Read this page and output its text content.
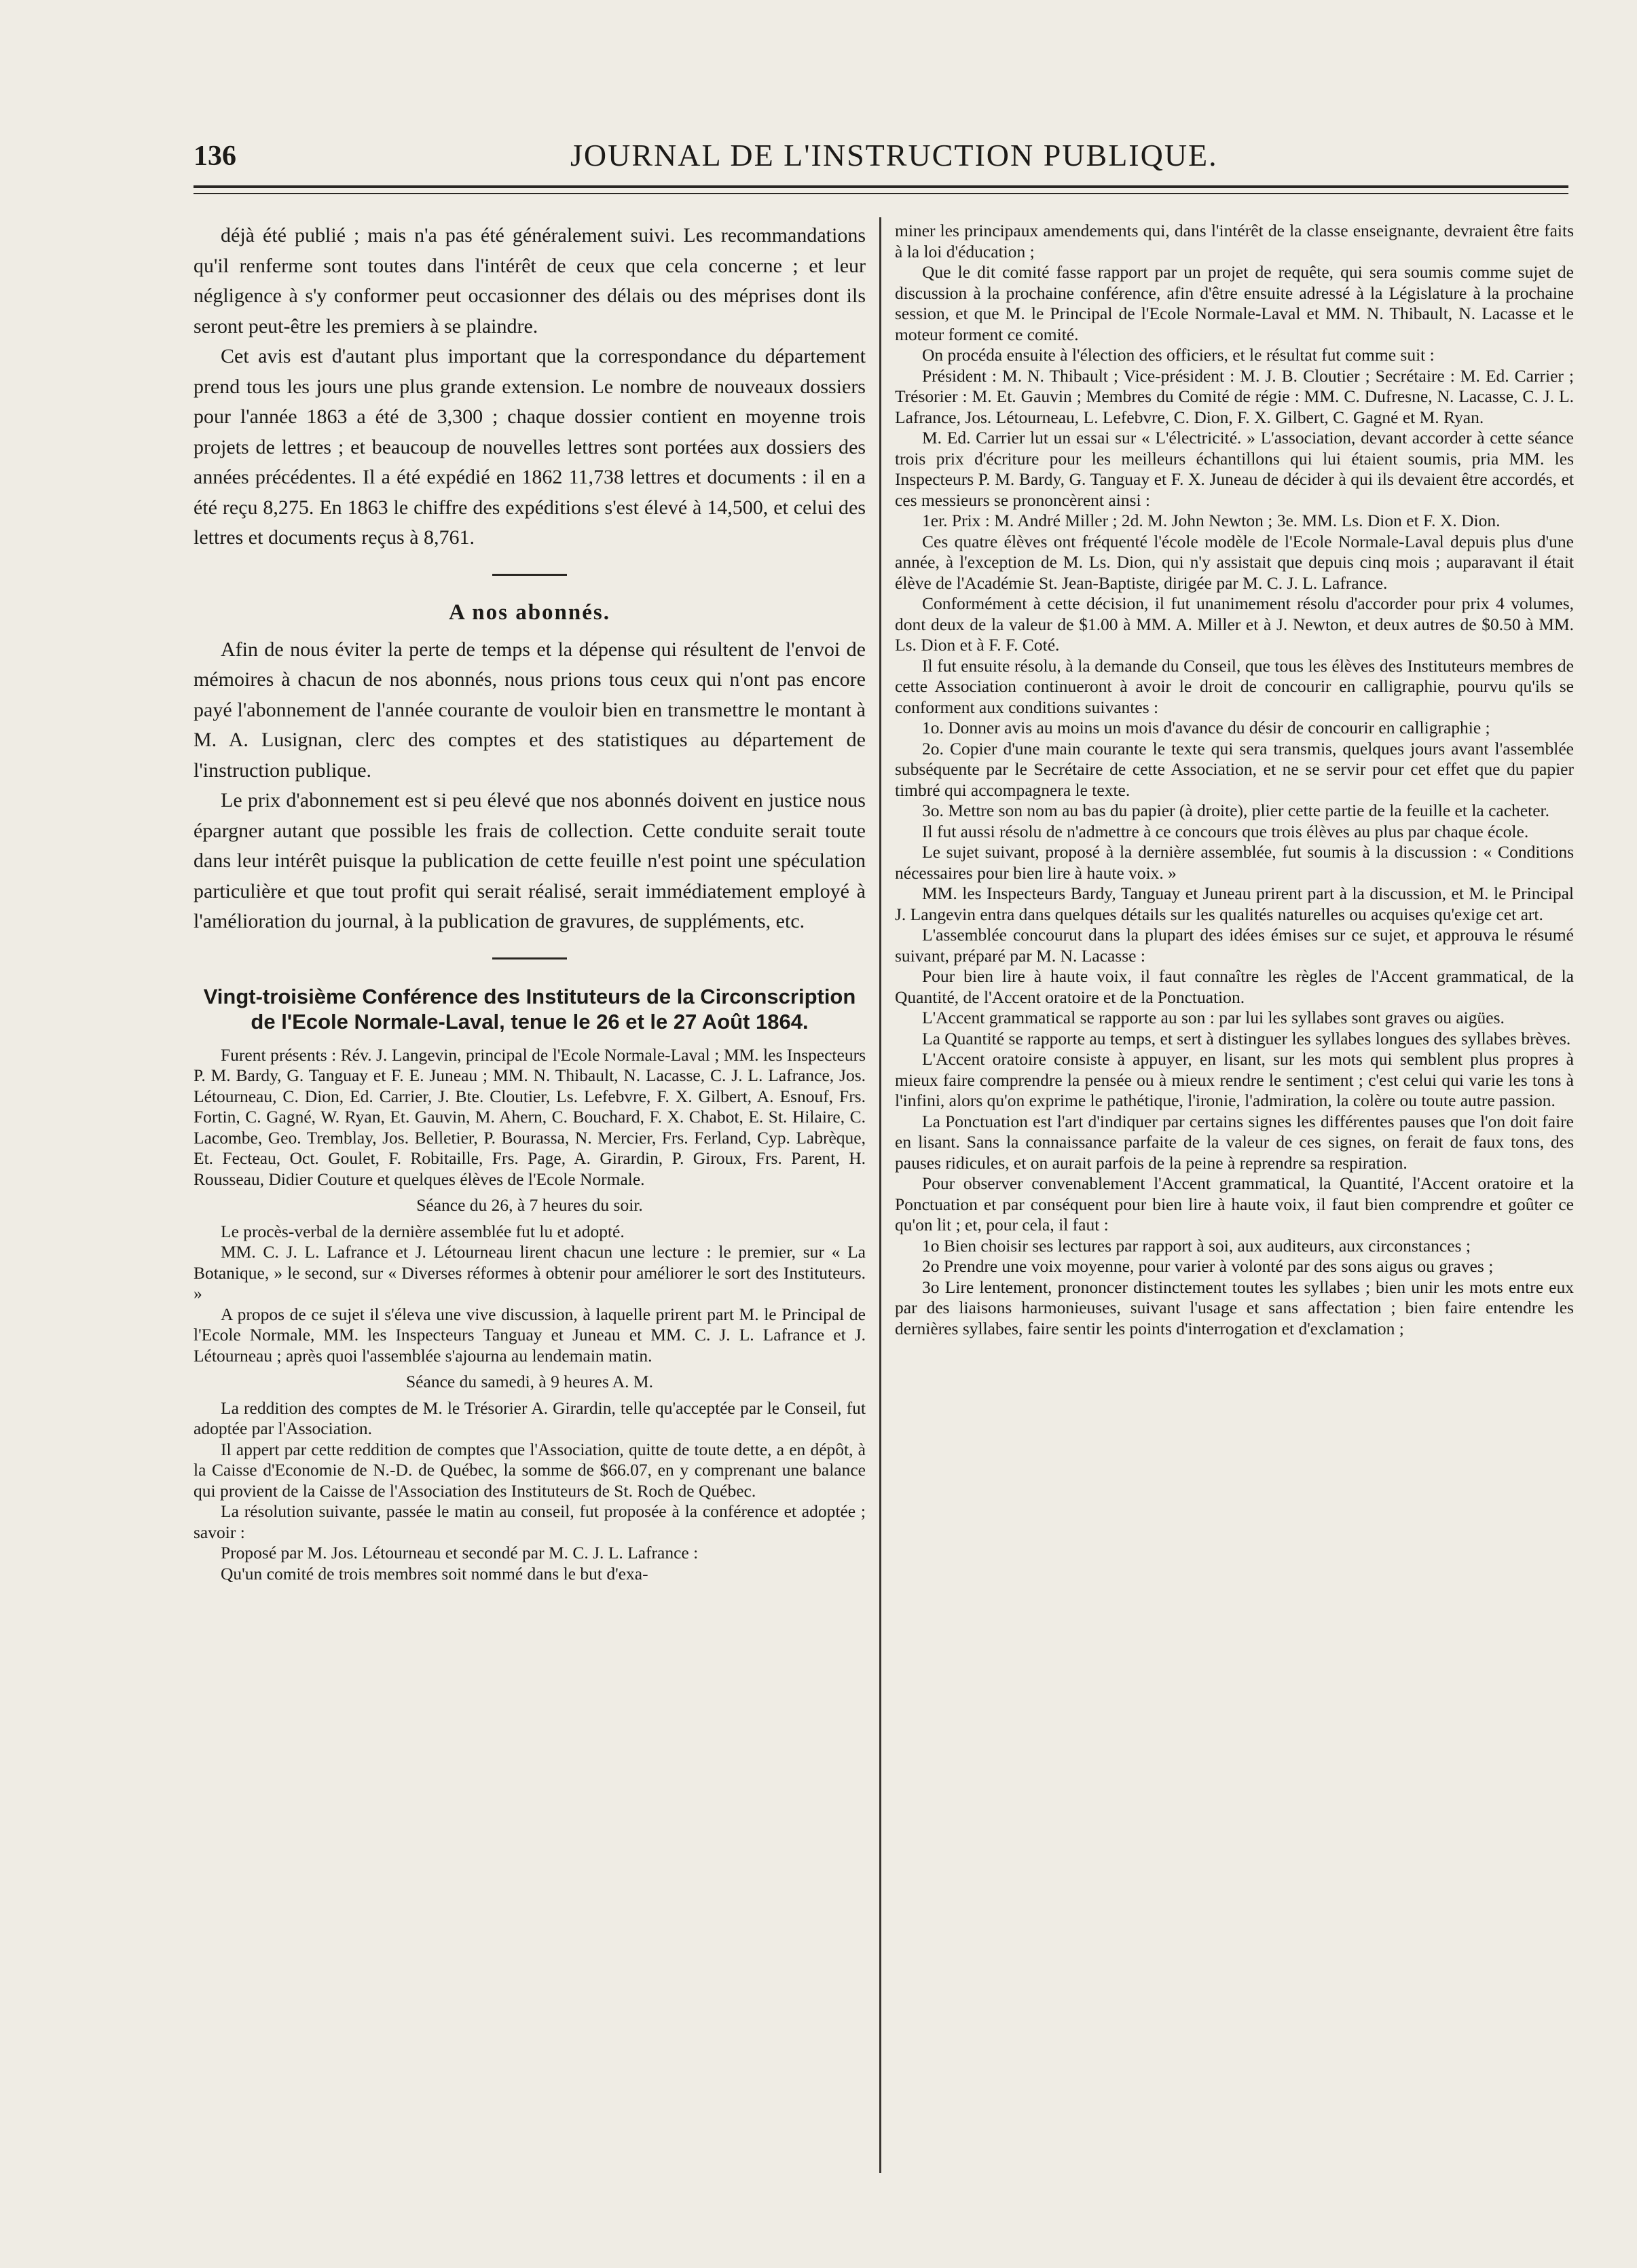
136	JOURNAL DE L'INSTRUCTION PUBLIQUE.

déjà été publié ; mais n'a pas été généralement suivi. Les recommandations qu'il renferme sont toutes dans l'intérêt de ceux que cela concerne ; et leur négligence à s'y conformer peut occasionner des délais ou des méprises dont ils seront peut-être les premiers à se plaindre.

Cet avis est d'autant plus important que la correspondance du département prend tous les jours une plus grande extension. Le nombre de nouveaux dossiers pour l'année 1863 a été de 3,300 ; chaque dossier contient en moyenne trois projets de lettres ; et beaucoup de nouvelles lettres sont portées aux dossiers des années précédentes. Il a été expédié en 1862 11,738 lettres et documents : il en a été reçu 8,275. En 1863 le chiffre des expéditions s'est élevé à 14,500, et celui des lettres et documents reçus à 8,761.

A nos abonnés.

Afin de nous éviter la perte de temps et la dépense qui résultent de l'envoi de mémoires à chacun de nos abonnés, nous prions tous ceux qui n'ont pas encore payé l'abonnement de l'année courante de vouloir bien en transmettre le montant à M. A. Lusignan, clerc des comptes et des statistiques au département de l'instruction publique.

Le prix d'abonnement est si peu élevé que nos abonnés doivent en justice nous épargner autant que possible les frais de collection. Cette conduite serait toute dans leur intérêt puisque la publication de cette feuille n'est point une spéculation particulière et que tout profit qui serait réalisé, serait immédiatement employé à l'amélioration du journal, à la publication de gravures, de suppléments, etc.

Vingt-troisième Conférence des Instituteurs de la Circonscription de l'Ecole Normale-Laval, tenue le 26 et le 27 Août 1864.

Furent présents : Rév. J. Langevin, principal de l'Ecole Normale-Laval ; MM. les Inspecteurs P. M. Bardy, G. Tanguay et F. E. Juneau ; MM. N. Thibault, N. Lacasse, C. J. L. Lafrance, Jos. Létourneau, C. Dion, Ed. Carrier, J. Bte. Cloutier, Ls. Lefebvre, F. X. Gilbert, A. Esnouf, Frs. Fortin, C. Gagné, W. Ryan, Et. Gauvin, M. Ahern, C. Bouchard, F. X. Chabot, E. St. Hilaire, C. Lacombe, Geo. Tremblay, Jos. Belletier, P. Bourassa, N. Mercier, Frs. Ferland, Cyp. Labrèque, Et. Fecteau, Oct. Goulet, F. Robitaille, Frs. Page, A. Girardin, P. Giroux, Frs. Parent, H. Rousseau, Didier Couture et quelques élèves de l'Ecole Normale.

Séance du 26, à 7 heures du soir.

Le procès-verbal de la dernière assemblée fut lu et adopté.

MM. C. J. L. Lafrance et J. Létourneau lirent chacun une lecture : le premier, sur « La Botanique, » le second, sur « Diverses réformes à obtenir pour améliorer le sort des Instituteurs. »

A propos de ce sujet il s'éleva une vive discussion, à laquelle prirent part M. le Principal de l'Ecole Normale, MM. les Inspecteurs Tanguay et Juneau et MM. C. J. L. Lafrance et J. Létourneau ; après quoi l'assemblée s'ajourna au lendemain matin.

Séance du samedi, à 9 heures A. M.

La reddition des comptes de M. le Trésorier A. Girardin, telle qu'acceptée par le Conseil, fut adoptée par l'Association.

Il appert par cette reddition de comptes que l'Association, quitte de toute dette, a en dépôt, à la Caisse d'Economie de N.-D. de Québec, la somme de $66.07, en y comprenant une balance qui provient de la Caisse de l'Association des Instituteurs de St. Roch de Québec.

La résolution suivante, passée le matin au conseil, fut proposée à la conférence et adoptée ; savoir :

Proposé par M. Jos. Létourneau et secondé par M. C. J. L. Lafrance :

Qu'un comité de trois membres soit nommé dans le but d'exa-

miner les principaux amendements qui, dans l'intérêt de la classe enseignante, devraient être faits à la loi d'éducation ;

Que le dit comité fasse rapport par un projet de requête, qui sera soumis comme sujet de discussion à la prochaine conférence, afin d'être ensuite adressé à la Législature à la prochaine session, et que M. le Principal de l'Ecole Normale-Laval et MM. N. Thibault, N. Lacasse et le moteur forment ce comité.

On procéda ensuite à l'élection des officiers, et le résultat fut comme suit :

Président : M. N. Thibault ; Vice-président : M. J. B. Cloutier ; Secrétaire : M. Ed. Carrier ; Trésorier : M. Et. Gauvin ; Membres du Comité de régie : MM. C. Dufresne, N. Lacasse, C. J. L. Lafrance, Jos. Létourneau, L. Lefebvre, C. Dion, F. X. Gilbert, C. Gagné et M. Ryan.

M. Ed. Carrier lut un essai sur « L'électricité. » L'association, devant accorder à cette séance trois prix d'écriture pour les meilleurs échantillons qui lui étaient soumis, pria MM. les Inspecteurs P. M. Bardy, G. Tanguay et F. X. Juneau de décider à qui ils devaient être accordés, et ces messieurs se prononcèrent ainsi :

1er. Prix : M. André Miller ; 2d. M. John Newton ; 3e. MM. Ls. Dion et F. X. Dion.

Ces quatre élèves ont fréquenté l'école modèle de l'Ecole Normale-Laval depuis plus d'une année, à l'exception de M. Ls. Dion, qui n'y assistait que depuis cinq mois ; auparavant il était élève de l'Académie St. Jean-Baptiste, dirigée par M. C. J. L. Lafrance.

Conformément à cette décision, il fut unanimement résolu d'accorder pour prix 4 volumes, dont deux de la valeur de $1.00 à MM. A. Miller et à J. Newton, et deux autres de $0.50 à MM. Ls. Dion et à F. F. Coté.

Il fut ensuite résolu, à la demande du Conseil, que tous les élèves des Instituteurs membres de cette Association continueront à avoir le droit de concourir en calligraphie, pourvu qu'ils se conforment aux conditions suivantes :

1o. Donner avis au moins un mois d'avance du désir de concourir en calligraphie ;

2o. Copier d'une main courante le texte qui sera transmis, quelques jours avant l'assemblée subséquente par le Secrétaire de cette Association, et ne se servir pour cet effet que du papier timbré qui accompagnera le texte.

3o. Mettre son nom au bas du papier (à droite), plier cette partie de la feuille et la cacheter.

Il fut aussi résolu de n'admettre à ce concours que trois élèves au plus par chaque école.

Le sujet suivant, proposé à la dernière assemblée, fut soumis à la discussion : « Conditions nécessaires pour bien lire à haute voix. »

MM. les Inspecteurs Bardy, Tanguay et Juneau prirent part à la discussion, et M. le Principal J. Langevin entra dans quelques détails sur les qualités naturelles ou acquises qu'exige cet art.

L'assemblée concourut dans la plupart des idées émises sur ce sujet, et approuva le résumé suivant, préparé par M. N. Lacasse :

Pour bien lire à haute voix, il faut connaître les règles de l'Accent grammatical, de la Quantité, de l'Accent oratoire et de la Ponctuation.

L'Accent grammatical se rapporte au son : par lui les syllabes sont graves ou aigües.

La Quantité se rapporte au temps, et sert à distinguer les syllabes longues des syllabes brèves.

L'Accent oratoire consiste à appuyer, en lisant, sur les mots qui semblent plus propres à mieux faire comprendre la pensée ou à mieux rendre le sentiment ; c'est celui qui varie les tons à l'infini, alors qu'on exprime le pathétique, l'ironie, l'admiration, la colère ou toute autre passion.

La Ponctuation est l'art d'indiquer par certains signes les différentes pauses que l'on doit faire en lisant. Sans la connaissance parfaite de la valeur de ces signes, on ferait de faux tons, des pauses ridicules, et on aurait parfois de la peine à reprendre sa respiration.

Pour observer convenablement l'Accent grammatical, la Quantité, l'Accent oratoire et la Ponctuation et par conséquent pour bien lire à haute voix, il faut bien comprendre et goûter ce qu'on lit ; et, pour cela, il faut :

1o Bien choisir ses lectures par rapport à soi, aux auditeurs, aux circonstances ;

2o Prendre une voix moyenne, pour varier à volonté par des sons aigus ou graves ;

3o Lire lentement, prononcer distinctement toutes les syllabes ; bien unir les mots entre eux par des liaisons harmonieuses, suivant l'usage et sans affectation ; bien faire entendre les dernières syllabes, faire sentir les points d'interrogation et d'exclamation ;
